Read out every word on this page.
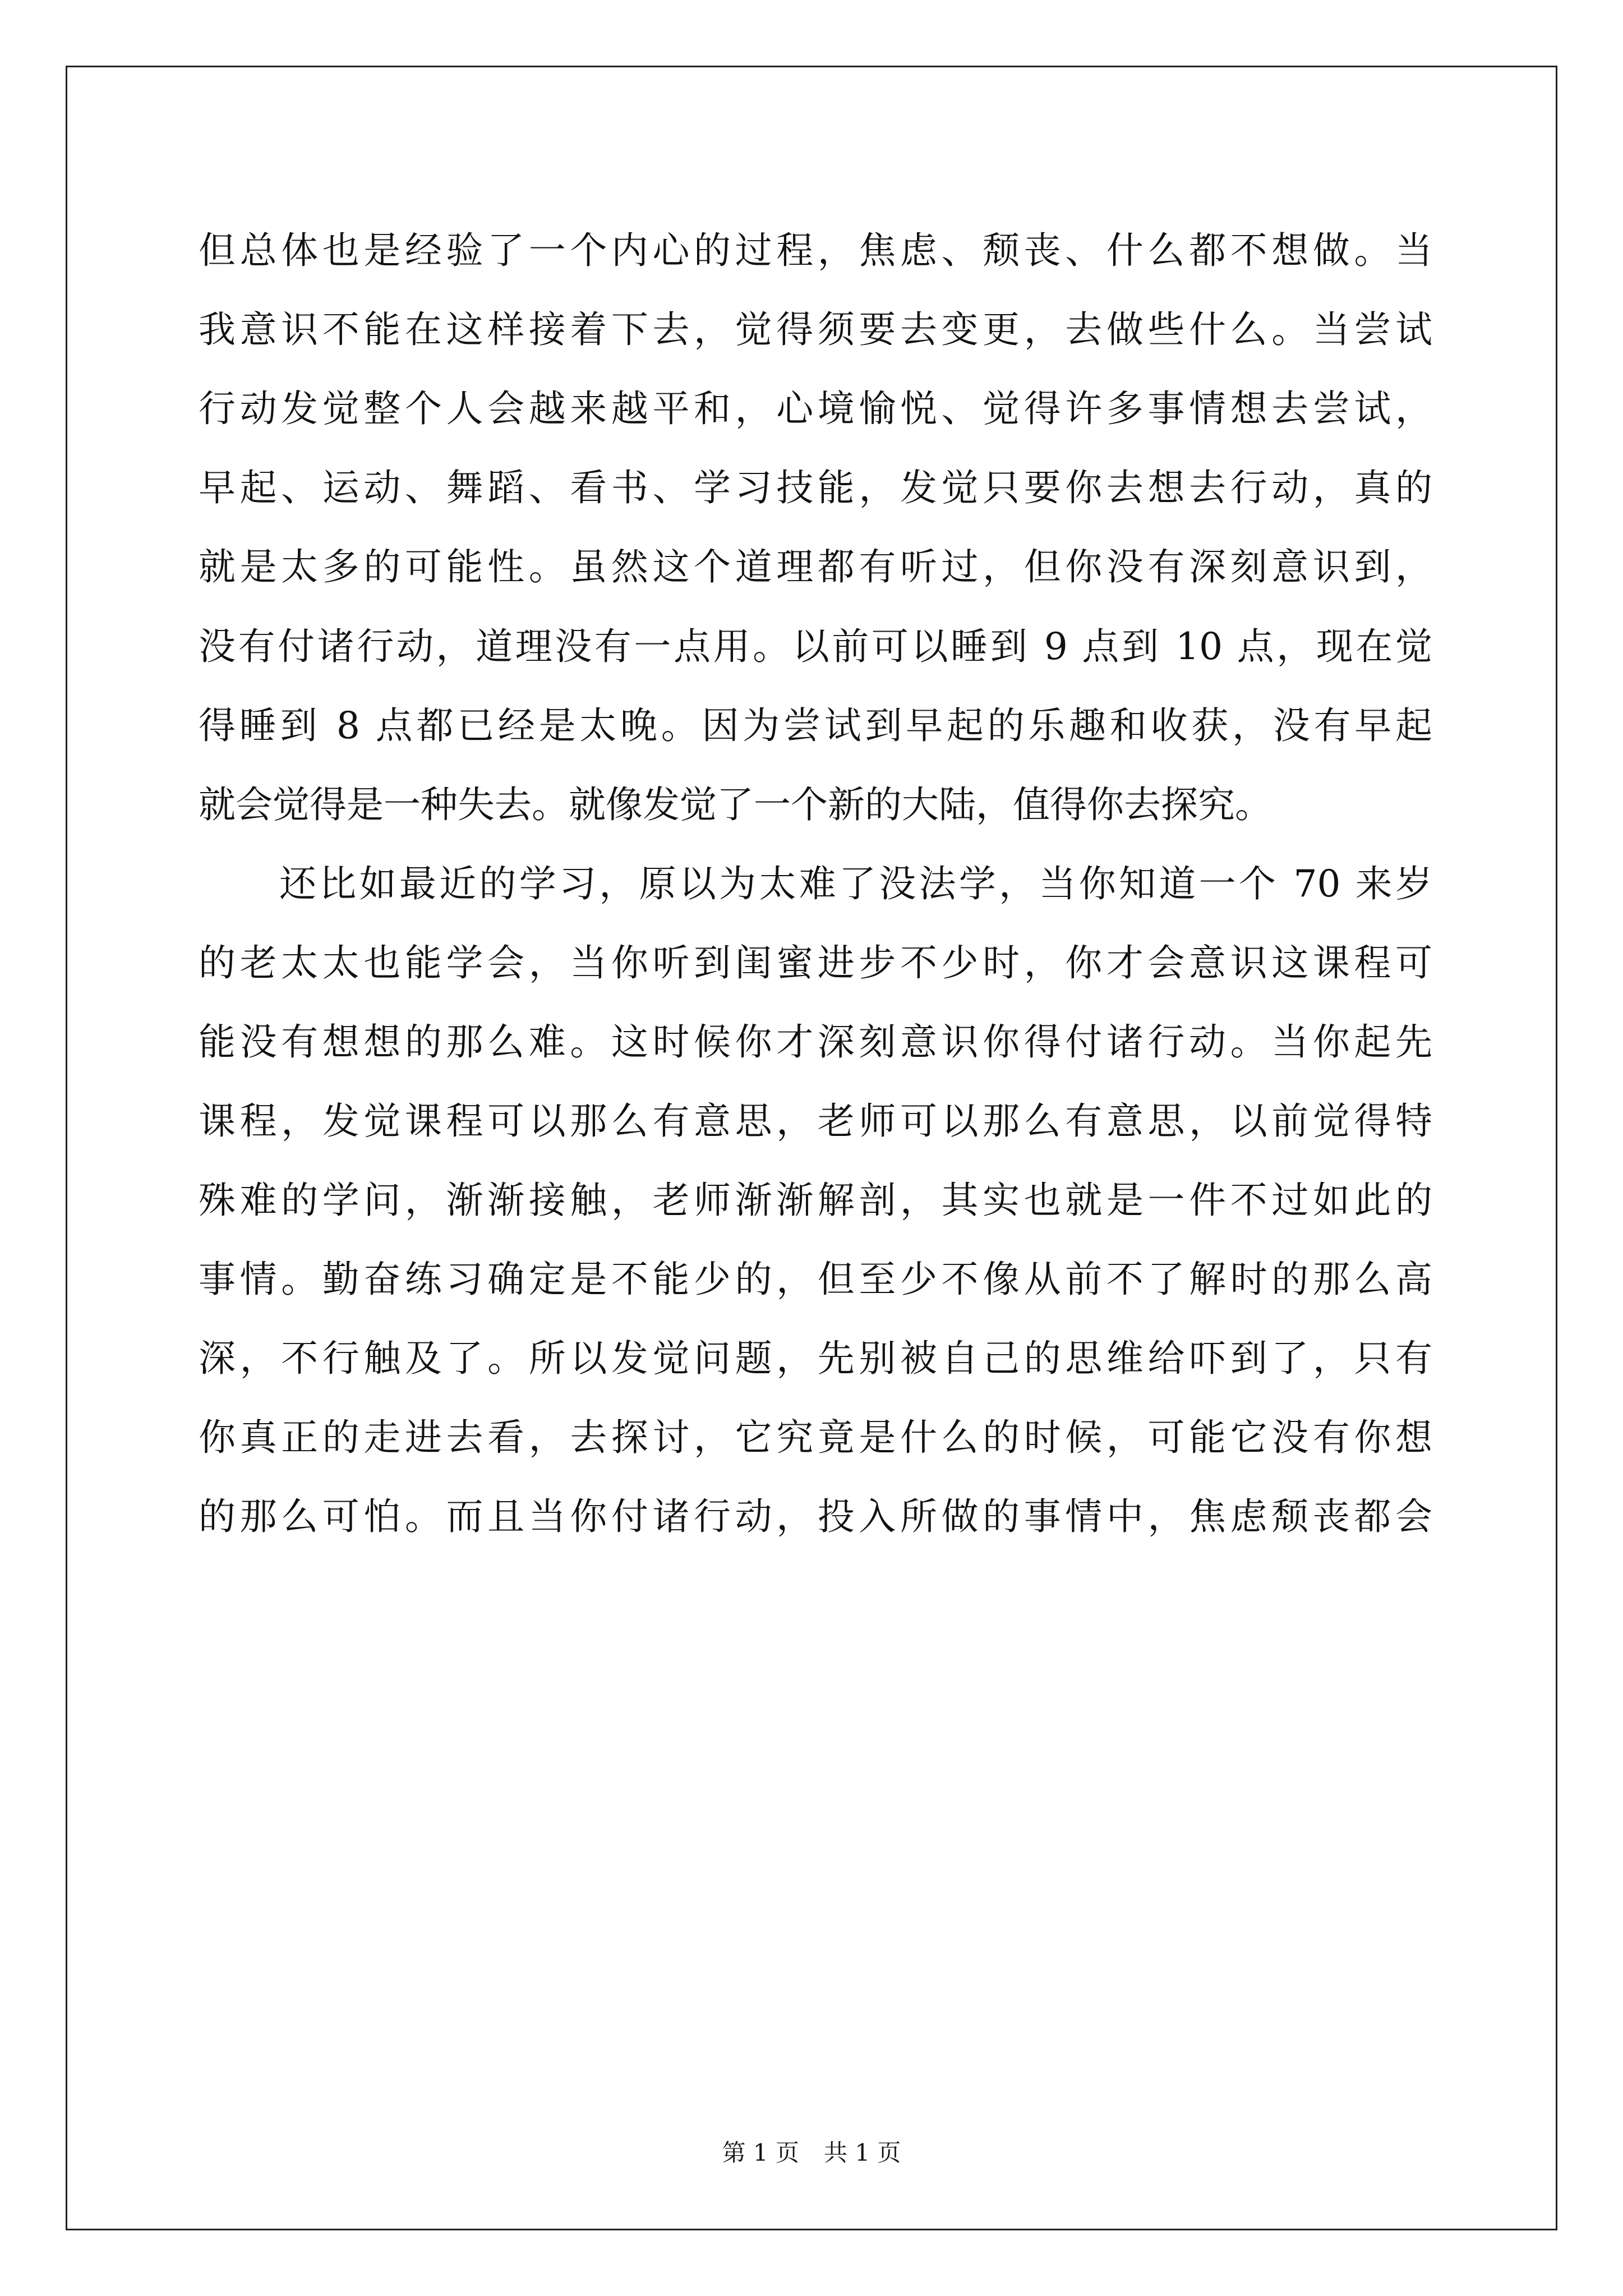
但总体也是经验了一个内心的过程，焦虑、颓丧、什么都不想做。当
我意识不能在这样接着下去，觉得须要去变更，去做些什么。当尝试
行动发觉整个人会越来越平和，心境愉悦、觉得许多事情想去尝试，
早起、运动、舞蹈、看书、学习技能，发觉只要你去想去行动，真的
就是太多的可能性。虽然这个道理都有听过，但你没有深刻意识到，
没有付诸行动，道理没有一点用。以前可以睡到 9 点到 10 点，现在觉
得睡到 8 点都已经是太晚。因为尝试到早起的乐趣和收获，没有早起
就会觉得是一种失去。就像发觉了一个新的大陆，值得你去探究。
还比如最近的学习，原以为太难了没法学，当你知道一个 70 来岁
的老太太也能学会，当你听到闺蜜进步不少时，你才会意识这课程可
能没有想想的那么难。这时候你才深刻意识你得付诸行动。当你起先
课程，发觉课程可以那么有意思，老师可以那么有意思，以前觉得特
殊难的学问，渐渐接触，老师渐渐解剖，其实也就是一件不过如此的
事情。勤奋练习确定是不能少的，但至少不像从前不了解时的那么高
深，不行触及了。所以发觉问题，先别被自己的思维给吓到了，只有
你真正的走进去看，去探讨，它究竟是什么的时候，可能它没有你想
的那么可怕。而且当你付诸行动，投入所做的事情中，焦虑颓丧都会
第 1 页 共 1 页
